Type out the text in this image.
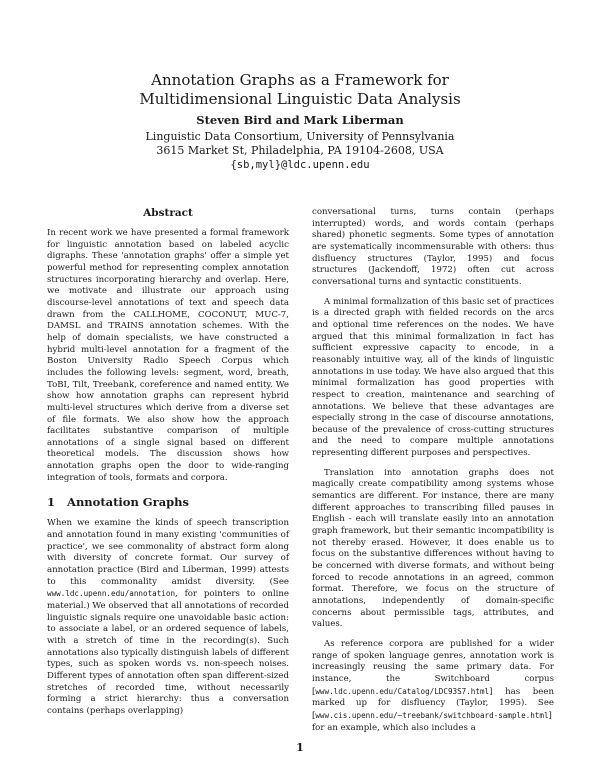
Annotation Graphs as a Framework for
Multidimensional Linguistic Data Analysis
Steven Bird and Mark Liberman
Linguistic Data Consortium, University of Pennsylvania
3615 Market St, Philadelphia, PA 19104-2608, USA
{sb,myl}@ldc.upenn.edu
Abstract

In recent work we have presented a formal framework for linguistic annotation based on labeled acyclic digraphs. These 'annotation graphs' offer a simple yet powerful method for representing complex annotation structures incorporating hierarchy and overlap. Here, we motivate and illustrate our approach using discourse-level annotations of text and speech data drawn from the CALLHOME, COCONUT, MUC-7, DAMSL and TRAINS annotation schemes. With the help of domain specialists, we have constructed a hybrid multi-level annotation for a fragment of the Boston University Radio Speech Corpus which includes the following levels: segment, word, breath, ToBI, Tilt, Treebank, coreference and named entity. We show how annotation graphs can represent hybrid multi-level structures which derive from a diverse set of file formats. We also show how the approach facilitates substantive comparison of multiple annotations of a single signal based on different theoretical models. The discussion shows how annotation graphs open the door to wide-ranging integration of tools, formats and corpora.

1 Annotation Graphs

When we examine the kinds of speech transcription and annotation found in many existing 'communities of practice', we see commonality of abstract form along with diversity of concrete format. Our survey of annotation practice (Bird and Liberman, 1999) attests to this commonality amidst diversity. (See www.ldc.upenn.edu/annotation, for pointers to online material.) We observed that all annotations of recorded linguistic signals require one unavoidable basic action: to associate a label, or an ordered sequence of labels, with a stretch of time in the recording(s). Such annotations also typically distinguish labels of different types, such as spoken words vs. non-speech noises. Different types of annotation often span different-sized stretches of recorded time, without necessarily forming a strict hierarchy: thus a conversation contains (perhaps overlapping)

conversational turns, turns contain (perhaps interrupted) words, and words contain (perhaps shared) phonetic segments. Some types of annotation are systematically incommensurable with others: thus disfluency structures (Taylor, 1995) and focus structures (Jackendoff, 1972) often cut across conversational turns and syntactic constituents.

A minimal formalization of this basic set of practices is a directed graph with fielded records on the arcs and optional time references on the nodes. We have argued that this minimal formalization in fact has sufficient expressive capacity to encode, in a reasonably intuitive way, all of the kinds of linguistic annotations in use today. We have also argued that this minimal formalization has good properties with respect to creation, maintenance and searching of annotations. We believe that these advantages are especially strong in the case of discourse annotations, because of the prevalence of cross-cutting structures and the need to compare multiple annotations representing different purposes and perspectives.

Translation into annotation graphs does not magically create compatibility among systems whose semantics are different. For instance, there are many different approaches to transcribing filled pauses in English - each will translate easily into an annotation graph framework, but their semantic incompatibility is not thereby erased. However, it does enable us to focus on the substantive differences without having to be concerned with diverse formats, and without being forced to recode annotations in an agreed, common format. Therefore, we focus on the structure of annotations, independently of domain-specific concerns about permissible tags, attributes, and values.

As reference corpora are published for a wider range of spoken language genres, annotation work is increasingly reusing the same primary data. For instance, the Switchboard corpus [www.ldc.upenn.edu/Catalog/LDC93S7.html] has been marked up for disfluency (Taylor, 1995). See [www.cis.upenn.edu/~treebank/switchboard-sample.html] for an example, which also includes a

1
